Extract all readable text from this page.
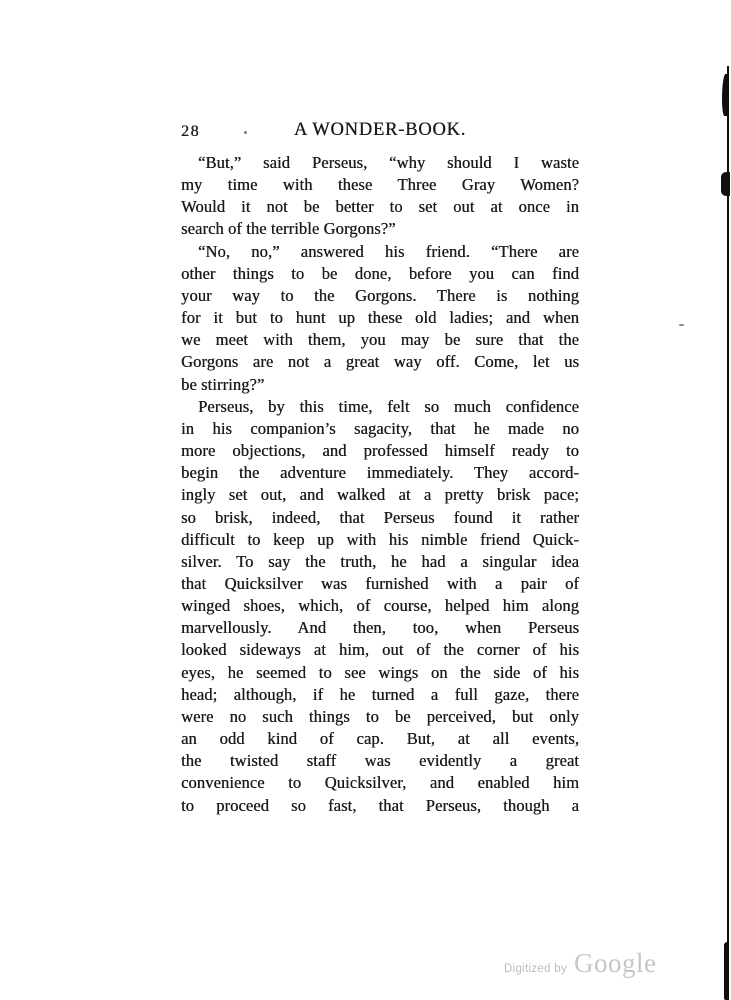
28	A WONDER-BOOK.
“But,” said Perseus, “why should I waste
my time with these Three Gray Women?
Would it not be better to set out at once in
search of the terrible Gorgons?”
“No, no,” answered his friend. “There are
other things to be done, before you can find
your way to the Gorgons. There is nothing
for it but to hunt up these old ladies; and when
we meet with them, you may be sure that the
Gorgons are not a great way off. Come, let us
be stirring?”
Perseus, by this time, felt so much confidence
in his companion’s sagacity, that he made no
more objections, and professed himself ready to
begin the adventure immediately. They accord-
ingly set out, and walked at a pretty brisk pace;
so brisk, indeed, that Perseus found it rather
difficult to keep up with his nimble friend Quick-
silver. To say the truth, he had a singular idea
that Quicksilver was furnished with a pair of
winged shoes, which, of course, helped him along
marvellously. And then, too, when Perseus
looked sideways at him, out of the corner of his
eyes, he seemed to see wings on the side of his
head; although, if he turned a full gaze, there
were no such things to be perceived, but only
an odd kind of cap. But, at all events,
the twisted staff was evidently a great
convenience to Quicksilver, and enabled him
to proceed so fast, that Perseus, though a
Digitized by Google
